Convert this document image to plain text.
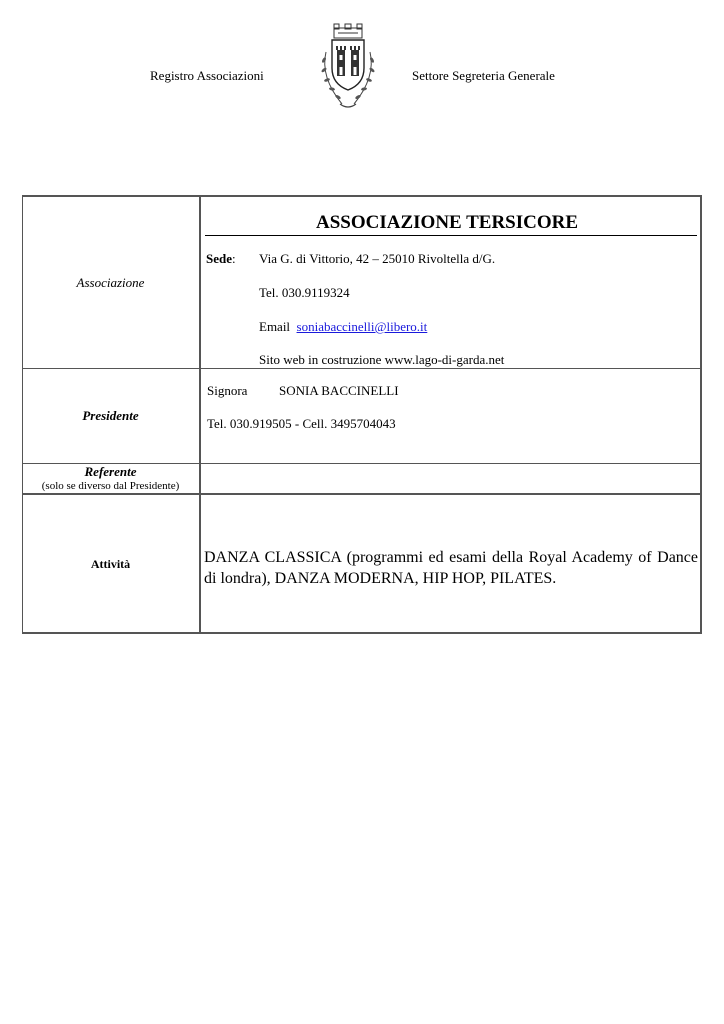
Registro Associazioni	Settore Segreteria Generale
Associazione
ASSOCIAZIONE TERSICORE
Sede: Via G. di Vittorio, 42 – 25010 Rivoltella d/G.
Tel. 030.9119324
Email soniabaccinelli@libero.it
Sito web in costruzione www.lago-di-garda.net
Presidente
Signora SONIA BACCINELLI
Tel. 030.919505 - Cell. 3495704043
Referente
(solo se diverso dal Presidente)
Attività	DANZA CLASSICA (programmi ed esami della Royal Academy of Dance di londra), DANZA MODERNA, HIP HOP, PILATES.
